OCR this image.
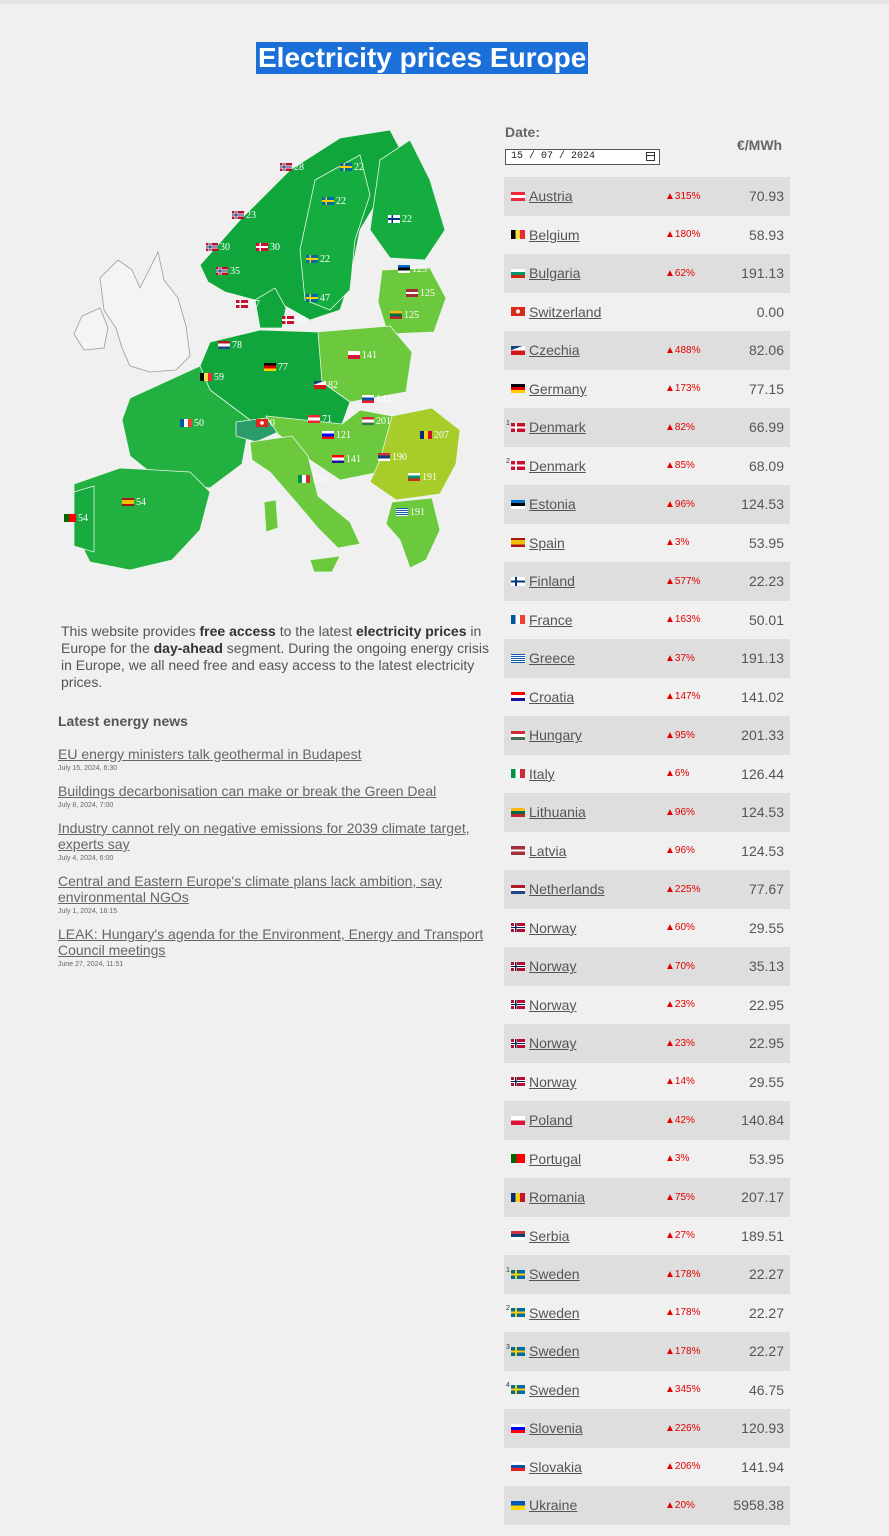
Electricity prices Europe
28	22
22
22
23
30	30
22
35	125
125
47
67
125
68
78
141
77
59
82
142
50	0	71	201
207
121
141	190
126	191
54
54
191
This website provides free access to the latest electricity prices in Europe for the day-ahead segment. During the ongoing energy crisis in Europe, we all need free and easy access to the latest electricity prices.
Latest energy news
EU energy ministers talk geothermal in Budapest
July 15, 2024, 6:30
Buildings decarbonisation can make or break the Green Deal
July 8, 2024, 7:00
Industry cannot rely on negative emissions for 2039 climate target, experts say
July 4, 2024, 6:00
Central and Eastern Europe's climate plans lack ambition, say environmental NGOs
July 1, 2024, 16:15
LEAK: Hungary's agenda for the Environment, Energy and Transport Council meetings
June 27, 2024, 11:51
Date:
15 / 07 / 2024
€/MWh
Austria	▲315%	70.93
Belgium	▲180%	58.93
Bulgaria	▲62%	191.13
Switzerland	0.00
Czechia	▲488%	82.06
Germany	▲173%	77.15
1 Denmark	▲82%	66.99
2 Denmark	▲85%	68.09
Estonia	▲96%	124.53
Spain	▲3%	53.95
Finland	▲577%	22.23
France	▲163%	50.01
Greece	▲37%	191.13
Croatia	▲147%	141.02
Hungary	▲95%	201.33
Italy	▲6%	126.44
Lithuania	▲96%	124.53
Latvia	▲96%	124.53
Netherlands	▲225%	77.67
Norway	▲60%	29.55
Norway	▲70%	35.13
Norway	▲23%	22.95
Norway	▲23%	22.95
Norway	▲14%	29.55
Poland	▲42%	140.84
Portugal	▲3%	53.95
Romania	▲75%	207.17
Serbia	▲27%	189.51
1 Sweden	▲178%	22.27
2 Sweden	▲178%	22.27
3 Sweden	▲178%	22.27
4 Sweden	▲345%	46.75
Slovenia	▲226%	120.93
Slovakia	▲206%	141.94
Ukraine	▲20%	5958.38
